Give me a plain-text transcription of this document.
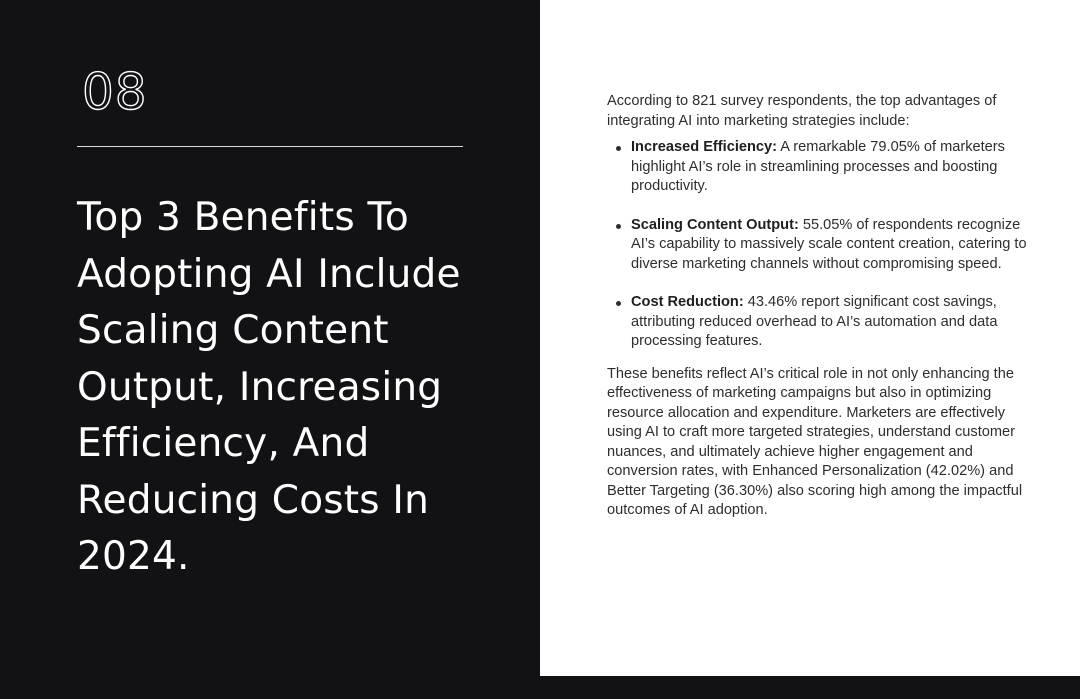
08
Top 3 Benefits To Adopting AI Include Scaling Content Output, Increasing Efficiency, And Reducing Costs In 2024.

According to 821 survey respondents, the top advantages of integrating AI into marketing strategies include:

Increased Efficiency: A remarkable 79.05% of marketers highlight AI’s role in streamlining processes and boosting productivity.
Scaling Content Output: 55.05% of respondents recognize AI’s capability to massively scale content creation, catering to diverse marketing channels without compromising speed.
Cost Reduction: 43.46% report significant cost savings, attributing reduced overhead to AI’s automation and data processing features.

These benefits reflect AI’s critical role in not only enhancing the effectiveness of marketing campaigns but also in optimizing resource allocation and expenditure. Marketers are effectively using AI to craft more targeted strategies, understand customer nuances, and ultimately achieve higher engagement and conversion rates, with Enhanced Personalization (42.02%) and Better Targeting (36.30%) also scoring high among the impactful outcomes of AI adoption.
